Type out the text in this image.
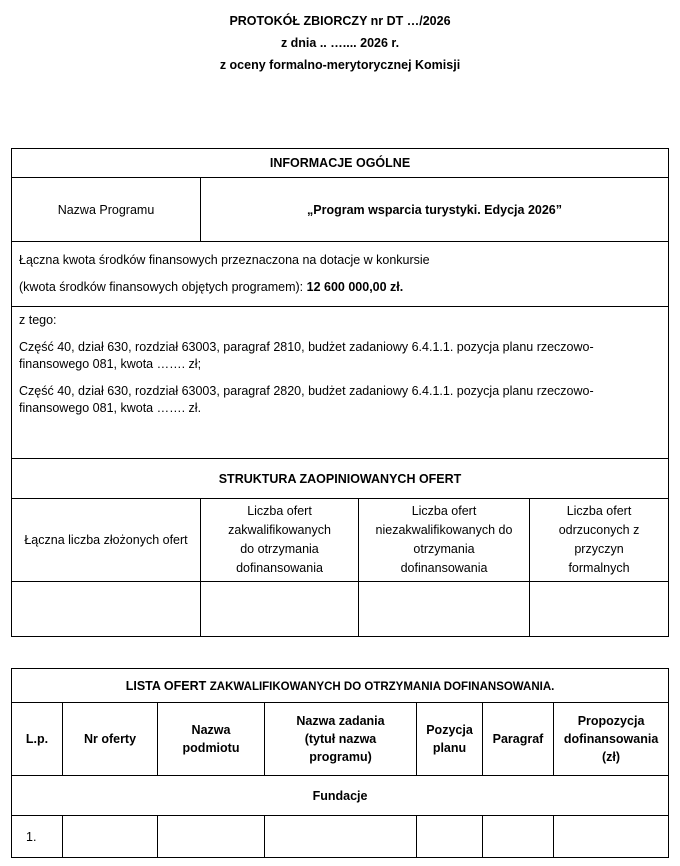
PROTOKÓŁ ZBIORCZY nr DT …/2026
z dnia .. ….... 2026 r.
z oceny formalno-merytorycznej Komisji
INFORMACJE OGÓLNE			
Nazwa Programu	„Program wsparcia turystyki. Edycja 2026”		

Łączna kwota środków finansowych przeznaczona na dotacje w konkursie

(kwota środków finansowych objętych programem): 12 600 000,00 zł.			

z tego:

Część 40, dział 630, rozdział 63003, paragraf 2810, budżet zadaniowy 6.4.1.1. pozycja planu rzeczowo-finansowego 081, kwota ……. zł;

Część 40, dział 630, rozdział 63003, paragraf 2820, budżet zadaniowy 6.4.1.1. pozycja planu rzeczowo-finansowego 081, kwota ……. zł.			

STRUKTURA ZAOPINIOWANYCH OFERT			
Łączna liczba złożonych ofert	Liczba ofert zakwalifikowanych do otrzymania dofinansowania	Liczba ofert niezakwalifikowanych do otrzymania dofinansowania	Liczba ofert odrzuconych z przyczyn formalnych

LISTA OFERT ZAKWALIFIKOWANYCH DO OTRZYMANIA DOFINANSOWANIA.						
L.p.	Nr oferty	Nazwa podmiotu	Nazwa zadania (tytuł nazwa programu)	Pozycja planu	Paragraf	Propozycja dofinansowania (zł)
Fundacje						
1.						
